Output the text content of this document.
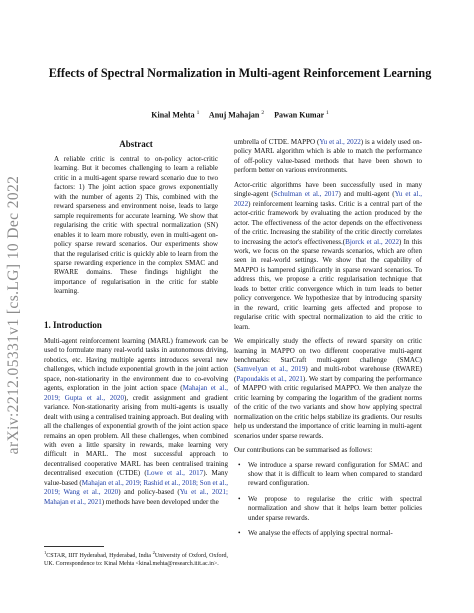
arXiv:2212.05331v1 [cs.LG] 10 Dec 2022
Effects of Spectral Normalization in Multi-agent Reinforcement Learning
Kinal Mehta $^1$ Anuj Mahajan $^2$ Pawan Kumar $^1$
Abstract
A reliable critic is central to on-policy actor-critic learning. But it becomes challenging to learn a reliable critic in a multi-agent sparse reward scenario due to two factors: 1) The joint action space grows exponentially with the number of agents 2) This, combined with the reward sparseness and environment noise, leads to large sample requirements for accurate learning. We show that regularising the critic with spectral normalization (SN) enables it to learn more robustly, even in multi-agent on-policy sparse reward scenarios. Our experiments show that the regularised critic is quickly able to learn from the sparse rewarding experience in the complex SMAC and RWARE domains. These findings highlight the importance of regularisation in the critic for stable learning.
1. Introduction
Multi-agent reinforcement learning (MARL) framework can be used to formulate many real-world tasks in autonomous driving, robotics, etc. Having multiple agents introduces several new challenges, which include exponential growth in the joint action space, non-stationarity in the environment due to co-evolving agents, exploration in the joint action space (Mahajan et al., 2019; Gupta et al., 2020), credit assignment and gradient variance. Non-stationarity arising from multi-agents is usually dealt with using a centralised training approach. But dealing with all the challenges of exponential growth of the joint action space remains an open problem. All these challenges, when combined with even a little sparsity in rewards, make learning very difficult in MARL. The most successful approach to decentralised cooperative MARL has been centralised training decentralised execution (CTDE) (Lowe et al., 2017). Many value-based (Mahajan et al., 2019; Rashid et al., 2018; Son et al., 2019; Wang et al., 2020) and policy-based (Yu et al., 2021; Mahajan et al., 2021) methods have been developed under the

umbrella of CTDE. MAPPO (Yu et al., 2022) is a widely used on-policy MARL algorithm which is able to match the performance of off-policy value-based methods that have been shown to perform better on various environments.

Actor-critic algorithms have been successfully used in many single-agent (Schulman et al., 2017) and multi-agent (Yu et al., 2022) reinforcement learning tasks. Critic is a central part of the actor-critic framework by evaluating the action produced by the actor. The effectiveness of the actor depends on the effectiveness of the critic. Increasing the stability of the critic directly correlates to increasing the actor's effectiveness.(Bjorck et al., 2022) In this work, we focus on the sparse rewards scenarios, which are often seen in real-world settings. We show that the capability of MAPPO is hampered significantly in sparse reward scenarios. To address this, we propose a critic regularisation technique that leads to better critic convergence which in turn leads to better policy convergence. We hypothesize that by introducing sparsity in the reward, critic learning gets affected and propose to regularise critic with spectral normalization to aid the critic to learn.

We empirically study the effects of reward sparsity on critic learning in MAPPO on two different cooperative multi-agent benchmarks: StarCraft multi-agent challenge (SMAC) (Samvelyan et al., 2019) and multi-robot warehouse (RWARE) (Papoudakis et al., 2021). We start by comparing the performance of MAPPO with critic regularised MAPPO. We then analyze the critic learning by comparing the logarithm of the gradient norms of the critic of the two variants and show how applying spectral normalization on the critic helps stabilize its gradients. Our results help us understand the importance of critic learning in multi-agent scenarios under sparse rewards.

Our contributions can be summarised as follows:

• We introduce a sparse reward configuration for SMAC and show that it is difficult to learn when compared to standard reward configuration.
• We propose to regularise the critic with spectral normalization and show that it helps learn better policies under sparse rewards.
• We analyse the effects of applying spectral normal-
$^1$CSTAR, IIIT Hyderabad, Hyderabad, India $^2$University of Oxford, Oxford, UK. Correspondence to: Kinal Mehta <kinal.mehta@research.iiit.ac.in>.
